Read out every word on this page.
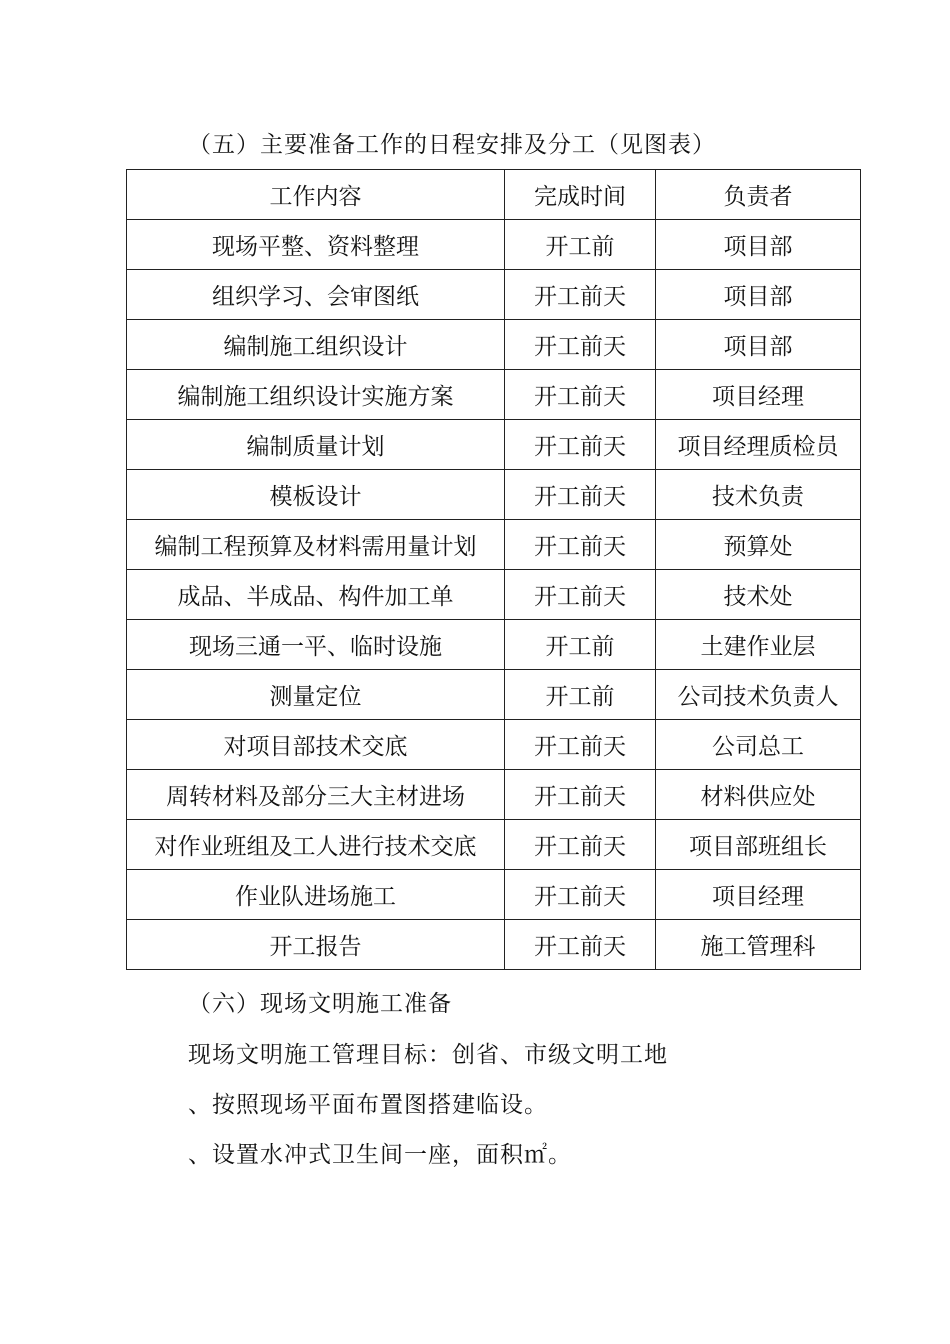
（五）主要准备工作的日程安排及分工（见图表）
工作内容	完成时间	负责者
现场平整、资料整理	开工前	项目部
组织学习、会审图纸	开工前天	项目部
编制施工组织设计	开工前天	项目部
编制施工组织设计实施方案	开工前天	项目经理
编制质量计划	开工前天	项目经理质检员
模板设计	开工前天	技术负责
编制工程预算及材料需用量计划	开工前天	预算处
成品、半成品、构件加工单	开工前天	技术处
现场三通一平、临时设施	开工前	土建作业层
测量定位	开工前	公司技术负责人
对项目部技术交底	开工前天	公司总工
周转材料及部分三大主材进场	开工前天	材料供应处
对作业班组及工人进行技术交底	开工前天	项目部班组长
作业队进场施工	开工前天	项目经理
开工报告	开工前天	施工管理科
（六）现场文明施工准备
现场文明施工管理目标：创省、市级文明工地
、按照现场平面布置图搭建临设。
、设置水冲式卫生间一座，面积㎡。
